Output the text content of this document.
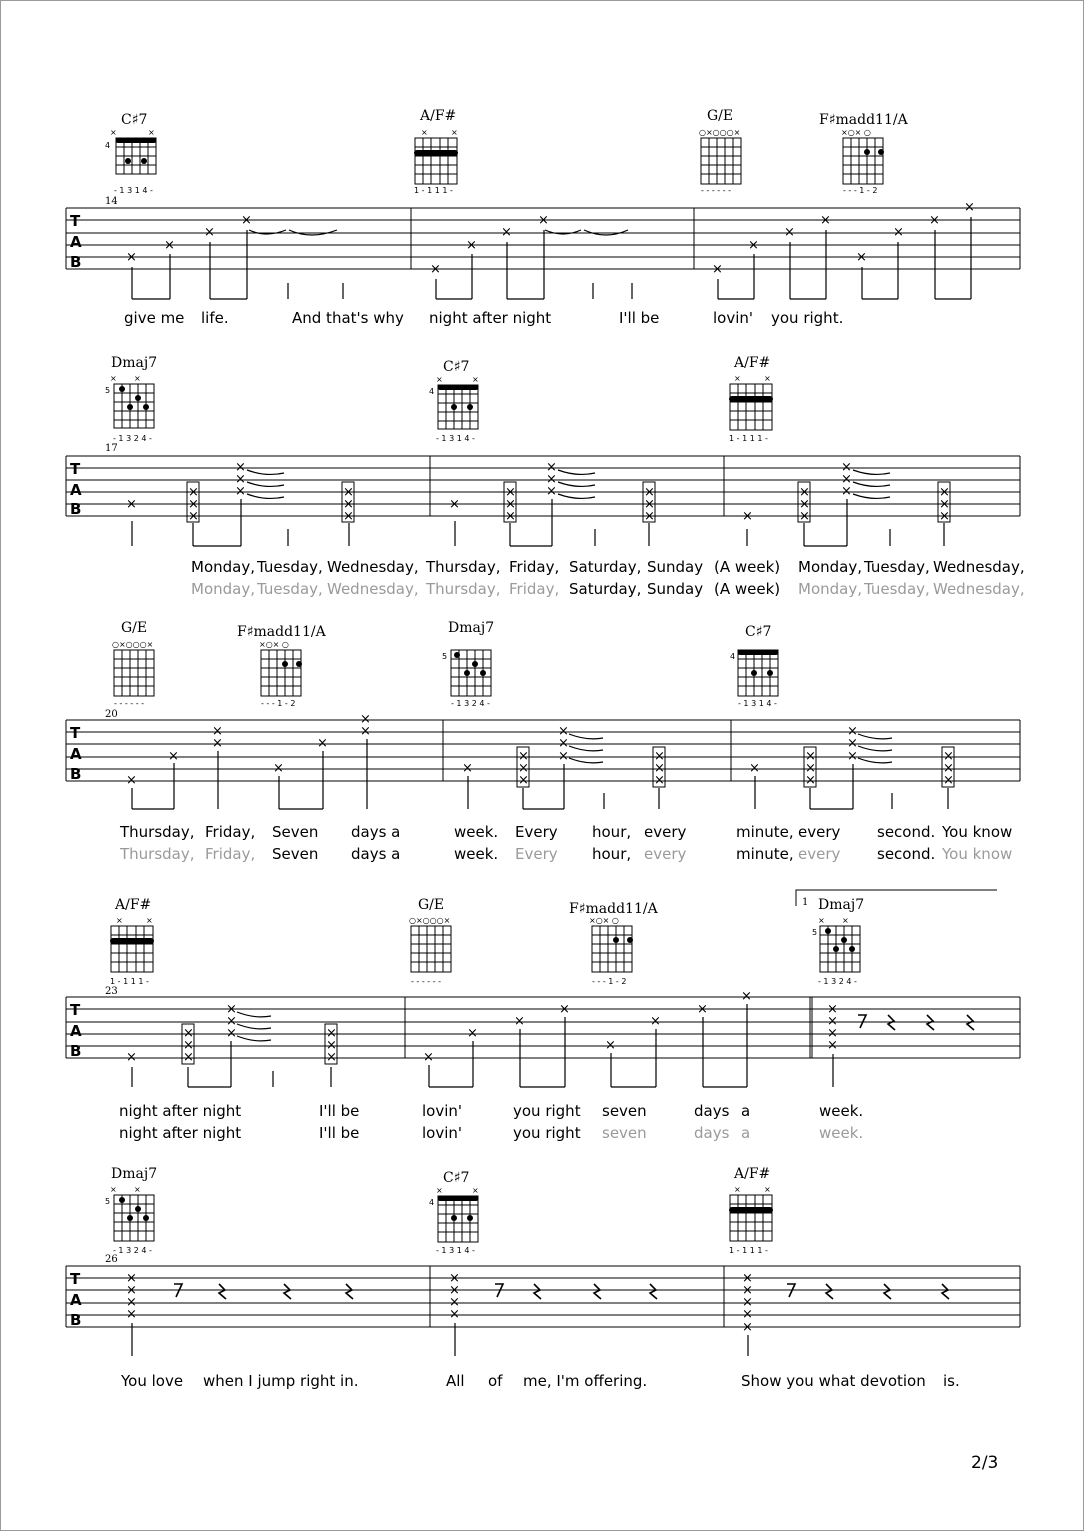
C♯7
×	×
4
- 1 3 1 4 -
A/F#
×	×
1 - 1 1 1 -
G/E
○×○○○×
- - - - - -
F♯madd11/A
×○× ○
- - - 1 - 2
14
T
A
B	×
×
×
×
×
×
×
×
×
×
×
×
×
×
×
×
give me life.	And that's why night after night	I'll be	lovin' you right.
Dmaj7
× ×
5
- 1 3 2 4 -
C♯7
×	×
4
- 1 3 1 4 -
A/F#
×	×
1 - 1 1 1 -
17
T
A
B	×
×
×
×
×
×
×	×
×
×
×
×
×
×
×
×
×	×
×
×	×
×
×
×
×
×
×	×
×
×
Monday, Tuesday, Wednesday, Thursday, Friday, Saturday, Sunday (A week) Monday, Tuesday, Wednesday,
Monday, Tuesday, Wednesday, Thursday, Friday, Saturday, Sunday (A week) Monday, Tuesday, Wednesday,
G/E
○×○○○×
- - - - - -
F♯madd11/A
×○× ○
- - - 1 - 2
Dmaj7
5
- 1 3 2 4 -
C♯7
4
- 1 3 1 4 -
20
T
A
B	×
×
×
×
×
×
×
×
×
×
×
×
×
×
×	×
×
×
×
×
×
×
×
×
×	×
×
×
Thursday, Friday, Seven days a	week. Every hour, every	minute, every second. You know
Thursday, Friday, Seven days a	week. Every hour, every	minute, every second. You know
A/F#
×	×
1 - 1 1 1 -
G/E
○×○○○×
- - - - - -
F♯madd11/A
×○× ○
- - - 1 - 2
1 Dmaj7
× ×
5
- 1 3 2 4 -
23
T
A
B	×
×
×
×
×
×
×	×
×
×	×
×
×
×
×
×
×
×
×
×
×
×
night after night	I'll be	lovin'	you right seven	days a	week.
night after night	I'll be	lovin'	you right seven	days a	week.
Dmaj7
× ×
5
- 1 3 2 4 -
C♯7
×	×
4
- 1 3 1 4 -
A/F#
×	×
1 - 1 1 1 -
26
T
A
B
×
×
×
×
×
×
×
×
×
×
×
×
×
You love when I jump right in.	All of me, I'm offering.	Show you what devotion is.
2/3
